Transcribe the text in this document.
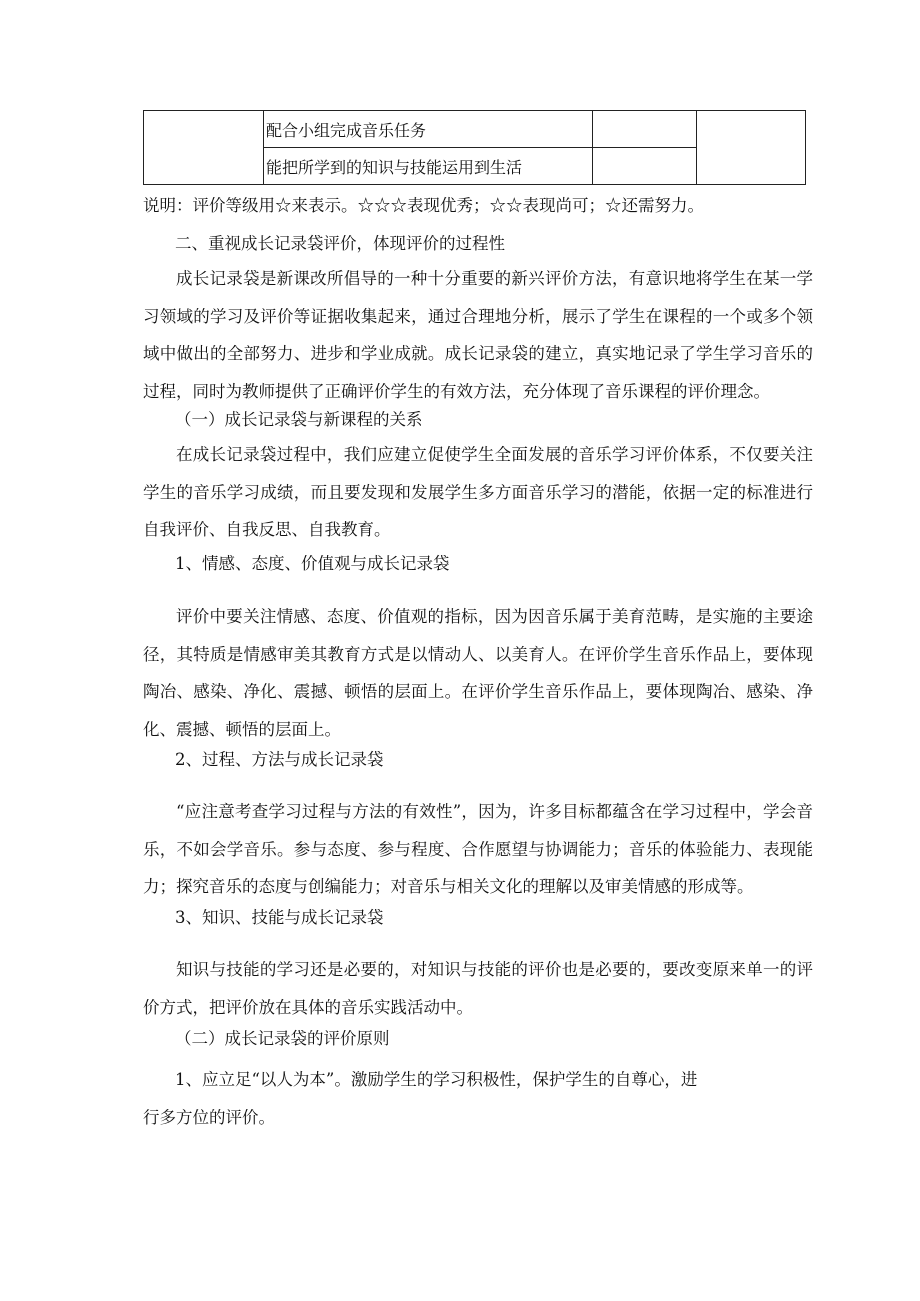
	配合小组完成音乐任务		
	能把所学到的知识与技能运用到生活		
说明：评价等级用☆来表示。☆☆☆表现优秀；☆☆表现尚可；☆还需努力。
二、重视成长记录袋评价，体现评价的过程性

成长记录袋是新课改所倡导的一种十分重要的新兴评价方法，有意识地将学生在某一学习领域的学习及评价等证据收集起来，通过合理地分析，展示了学生在课程的一个或多个领域中做出的全部努力、进步和学业成就。成长记录袋的建立，真实地记录了学生学习音乐的过程，同时为教师提供了正确评价学生的有效方法，充分体现了音乐课程的评价理念。

（一）成长记录袋与新课程的关系

在成长记录袋过程中，我们应建立促使学生全面发展的音乐学习评价体系，不仅要关注学生的音乐学习成绩，而且要发现和发展学生多方面音乐学习的潜能，依据一定的标准进行自我评价、自我反思、自我教育。

1、情感、态度、价值观与成长记录袋

评价中要关注情感、态度、价值观的指标，因为因音乐属于美育范畴，是实施的主要途径，其特质是情感审美其教育方式是以情动人、以美育人。在评价学生音乐作品上，要体现陶冶、感染、净化、震撼、顿悟的层面上。在评价学生音乐作品上，要体现陶冶、感染、净化、震撼、顿悟的层面上。

2、过程、方法与成长记录袋

“应注意考查学习过程与方法的有效性”，因为，许多目标都蕴含在学习过程中，学会音乐，不如会学音乐。参与态度、参与程度、合作愿望与协调能力；音乐的体验能力、表现能力；探究音乐的态度与创编能力；对音乐与相关文化的理解以及审美情感的形成等。

3、知识、技能与成长记录袋

知识与技能的学习还是必要的，对知识与技能的评价也是必要的，要改变原来单一的评价方式，把评价放在具体的音乐实践活动中。

（二）成长记录袋的评价原则
1、应立足“以人为本”。激励学生的学习积极性，保护学生的自尊心，进
行多方位的评价。
